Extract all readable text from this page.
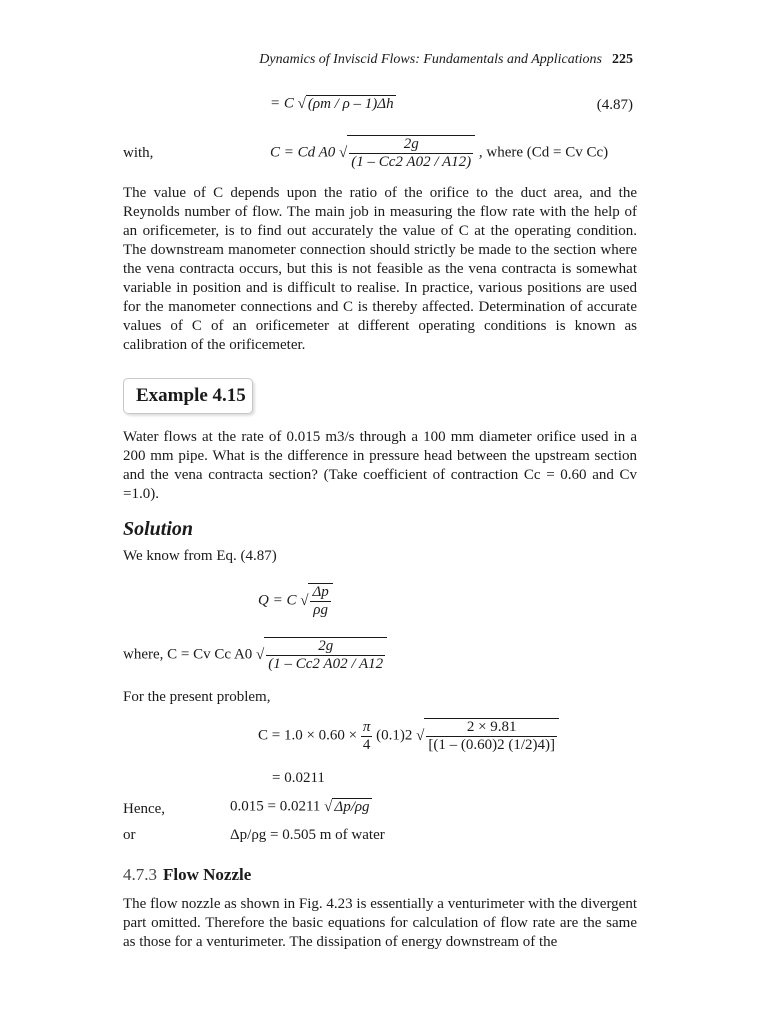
Dynamics of Inviscid Flows: Fundamentals and Applications 225
= C √ (ρm / ρ – 1)Δh	(4.87)
with,	C = Cd A0 √ $\frac{2g}{(1 - Cc2 A02 / A12)}$ , where (Cd = Cv Cc)

The value of C depends upon the ratio of the orifice to the duct area, and the Reynolds number of flow. The main job in measuring the flow rate with the help of an orificemeter, is to find out accurately the value of C at the operating condition. The downstream manometer connection should strictly be made to the section where the vena contracta occurs, but this is not feasible as the vena contracta is somewhat variable in position and is difficult to realise. In practice, various positions are used for the manometer connections and C is thereby affected. Determination of accurate values of C of an orificemeter at different operating conditions is known as calibration of the orificemeter.

Example 4.15

Water flows at the rate of 0.015 m3/s through a 100 mm diameter orifice used in a 200 mm pipe. What is the difference in pressure head between the upstream section and the vena contracta section? (Take coefficient of contraction Cc = 0.60 and Cv =1.0).

Solution
We know from Eq. (4.87)
Q = C √ $\frac{\Delta p}{\rho g}$
where, C = Cv Cc A0 √ $\frac{2g}{(1 - Cc2 A02 / A12}$
For the present problem,
$C = 1.0 \times 0.60 \times \frac{\pi}{4} (0.1)2$ √ $\frac{2 \times 9.81}{[(1 - (0.60)2 (1/2)4)]}$
= 0.0211
Hence,	0.015 = 0.0211 √ Δp/ρg
or	Δp/ρg = 0.505 m of water
4.7.3 Flow Nozzle

The flow nozzle as shown in Fig. 4.23 is essentially a venturimeter with the divergent part omitted. Therefore the basic equations for calculation of flow rate are the same as those for a venturimeter. The dissipation of energy downstream of the
